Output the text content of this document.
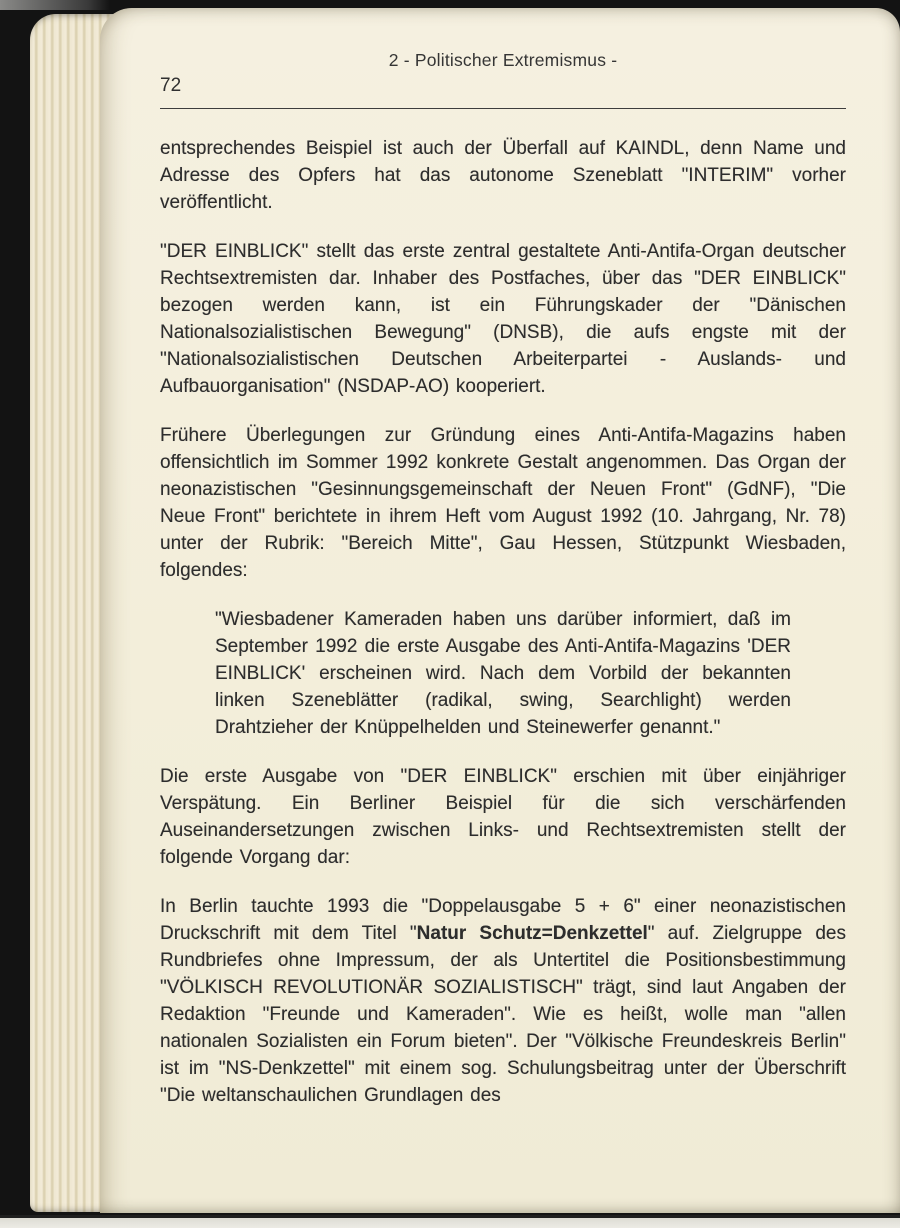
2 - Politischer Extremismus -
72

entsprechendes Beispiel ist auch der Überfall auf KAINDL, denn Name und Adresse des Opfers hat das autonome Szeneblatt "INTERIM" vorher veröffentlicht.

"DER EINBLICK" stellt das erste zentral gestaltete Anti-Antifa-Organ deutscher Rechtsextremisten dar. Inhaber des Postfaches, über das "DER EINBLICK" bezogen werden kann, ist ein Führungskader der "Dänischen Nationalsozialistischen Bewegung" (DNSB), die aufs engste mit der "Nationalsozialistischen Deutschen Arbeiterpartei - Auslands- und Aufbauorganisation" (NSDAP-AO) kooperiert.

Frühere Überlegungen zur Gründung eines Anti-Antifa-Magazins haben offensichtlich im Sommer 1992 konkrete Gestalt angenommen. Das Organ der neonazistischen "Gesinnungsgemeinschaft der Neuen Front" (GdNF), "Die Neue Front" berichtete in ihrem Heft vom August 1992 (10. Jahrgang, Nr. 78) unter der Rubrik: "Bereich Mitte", Gau Hessen, Stützpunkt Wiesbaden, folgendes:

"Wiesbadener Kameraden haben uns darüber informiert, daß im September 1992 die erste Ausgabe des Anti-Antifa-Magazins 'DER EINBLICK' erscheinen wird. Nach dem Vorbild der bekannten linken Szeneblätter (radikal, swing, Searchlight) werden Drahtzieher der Knüppelhelden und Steinewerfer genannt."

Die erste Ausgabe von "DER EINBLICK" erschien mit über einjähriger Verspätung. Ein Berliner Beispiel für die sich verschärfenden Auseinandersetzungen zwischen Links- und Rechtsextremisten stellt der folgende Vorgang dar:

In Berlin tauchte 1993 die "Doppelausgabe 5 + 6" einer neonazistischen Druckschrift mit dem Titel "Natur Schutz=Denkzettel" auf. Zielgruppe des Rundbriefes ohne Impressum, der als Untertitel die Positionsbestimmung "VÖLKISCH REVOLUTIONÄR SOZIALISTISCH" trägt, sind laut Angaben der Redaktion "Freunde und Kameraden". Wie es heißt, wolle man "allen nationalen Sozialisten ein Forum bieten". Der "Völkische Freundeskreis Berlin" ist im "NS-Denkzettel" mit einem sog. Schulungsbeitrag unter der Überschrift "Die weltanschaulichen Grundlagen des
